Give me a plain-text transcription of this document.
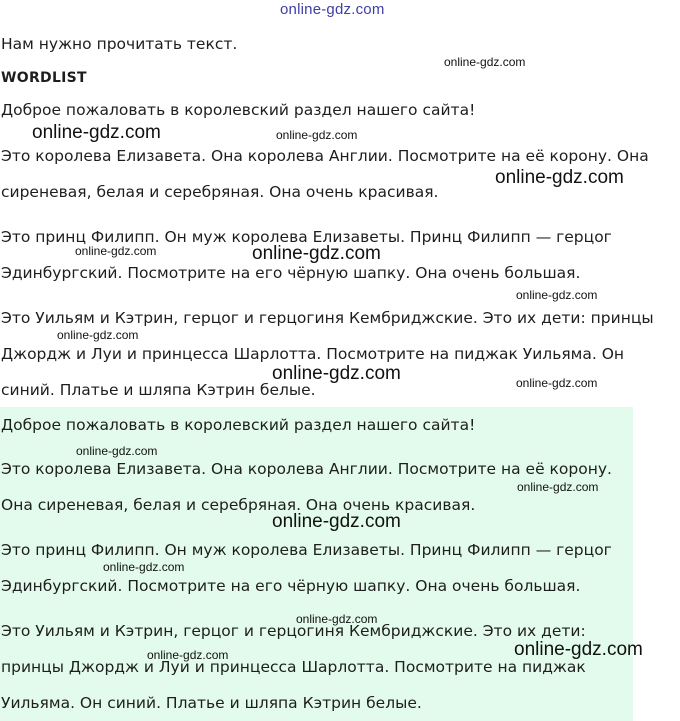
online-gdz.com
Нам нужно прочитать текст.
WORDLIST
Доброе пожаловать в королевский раздел нашего сайта!
Это королева Елизавета. Она королева Англии. Посмотрите на её корону. Она
сиреневая, белая и серебряная. Она очень красивая.
Это принц Филипп. Он муж королева Елизаветы. Принц Филипп — герцог
Эдинбургский. Посмотрите на его чёрную шапку. Она очень большая.
Это Уильям и Кэтрин, герцог и герцогиня Кембриджские. Это их дети: принцы
Джордж и Луи и принцесса Шарлотта. Посмотрите на пиджак Уильяма. Он
синий. Платье и шляпа Кэтрин белые.
Доброе пожаловать в королевский раздел нашего сайта!
Это королева Елизавета. Она королева Англии. Посмотрите на её корону.
Она сиреневая, белая и серебряная. Она очень красивая.
Это принц Филипп. Он муж королева Елизаветы. Принц Филипп — герцог
Эдинбургский. Посмотрите на его чёрную шапку. Она очень большая.
Это Уильям и Кэтрин, герцог и герцогиня Кембриджские. Это их дети:
принцы Джордж и Луи и принцесса Шарлотта. Посмотрите на пиджак
Уильяма. Он синий. Платье и шляпа Кэтрин белые.
online-gdz.com
online-gdz.com	online-gdz.com
online-gdz.com
online-gdz.com	online-gdz.com
online-gdz.com
online-gdz.com
online-gdz.com	online-gdz.com
online-gdz.com
online-gdz.com
online-gdz.com
online-gdz.com
online-gdz.com
online-gdz.com
online-gdz.com
